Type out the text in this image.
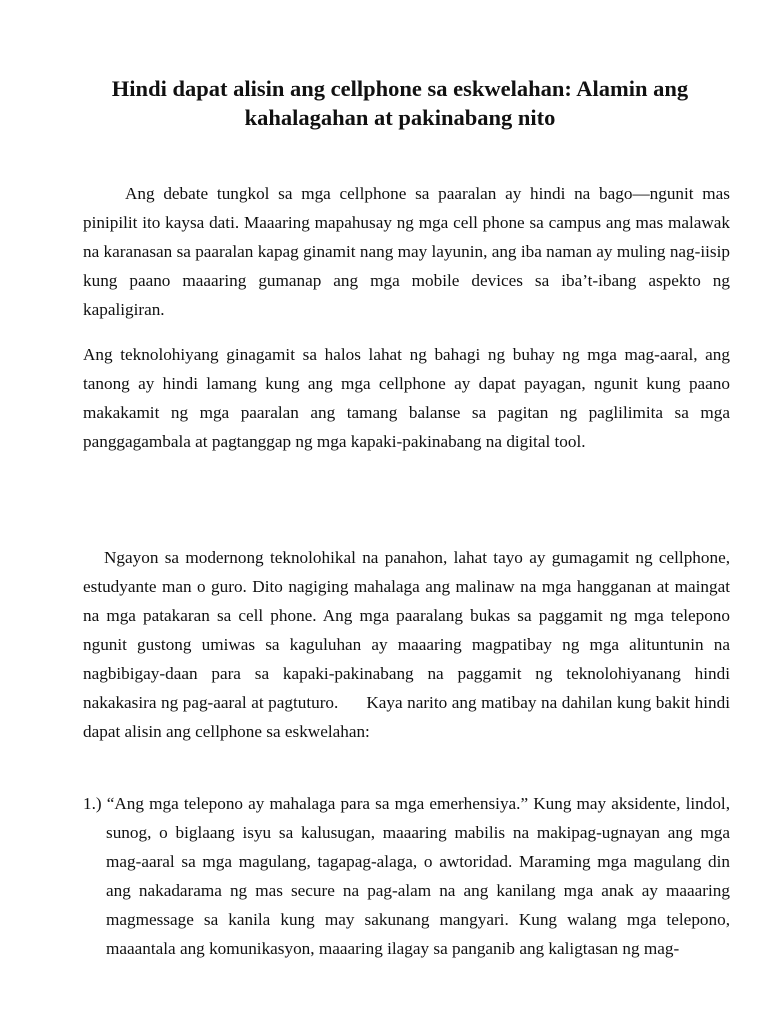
Hindi dapat alisin ang cellphone sa eskwelahan: Alamin ang kahalagahan at pakinabang nito

Ang debate tungkol sa mga cellphone sa paaralan ay hindi na bago—ngunit mas pinipilit ito kaysa dati. Maaaring mapahusay ng mga cell phone sa campus ang mas malawak na karanasan sa paaralan kapag ginamit nang may layunin, ang iba naman ay muling nag-iisip kung paano maaaring gumanap ang mga mobile devices sa iba’t-ibang aspekto ng kapaligiran.

Ang teknolohiyang ginagamit sa halos lahat ng bahagi ng buhay ng mga mag-aaral, ang tanong ay hindi lamang kung ang mga cellphone ay dapat payagan, ngunit kung paano makakamit ng mga paaralan ang tamang balanse sa pagitan ng paglilimita sa mga panggagambala at pagtanggap ng mga kapaki-pakinabang na digital tool.

Ngayon sa modernong teknolohikal na panahon, lahat tayo ay gumagamit ng cellphone, estudyante man o guro. Dito nagiging mahalaga ang malinaw na mga hangganan at maingat na mga patakaran sa cell phone. Ang mga paaralang bukas sa paggamit ng mga telepono ngunit gustong umiwas sa kaguluhan ay maaaring magpatibay ng mga alituntunin na nagbibigay-daan para sa kapaki-pakinabang na paggamit ng teknolohiyanang hindi nakakasira ng pag-aaral at pagtuturo. Kaya narito ang matibay na dahilan kung bakit hindi dapat alisin ang cellphone sa eskwelahan:

1.) “Ang mga telepono ay mahalaga para sa mga emerhensiya.” Kung may aksidente, lindol, sunog, o biglaang isyu sa kalusugan, maaaring mabilis na makipag-ugnayan ang mga mag-aaral sa mga magulang, tagapag-alaga, o awtoridad. Maraming mga magulang din ang nakadarama ng mas secure na pag-alam na ang kanilang mga anak ay maaaring magmessage sa kanila kung may sakunang mangyari. Kung walang mga telepono, maaantala ang komunikasyon, maaaring ilagay sa panganib ang kaligtasan ng mag-
